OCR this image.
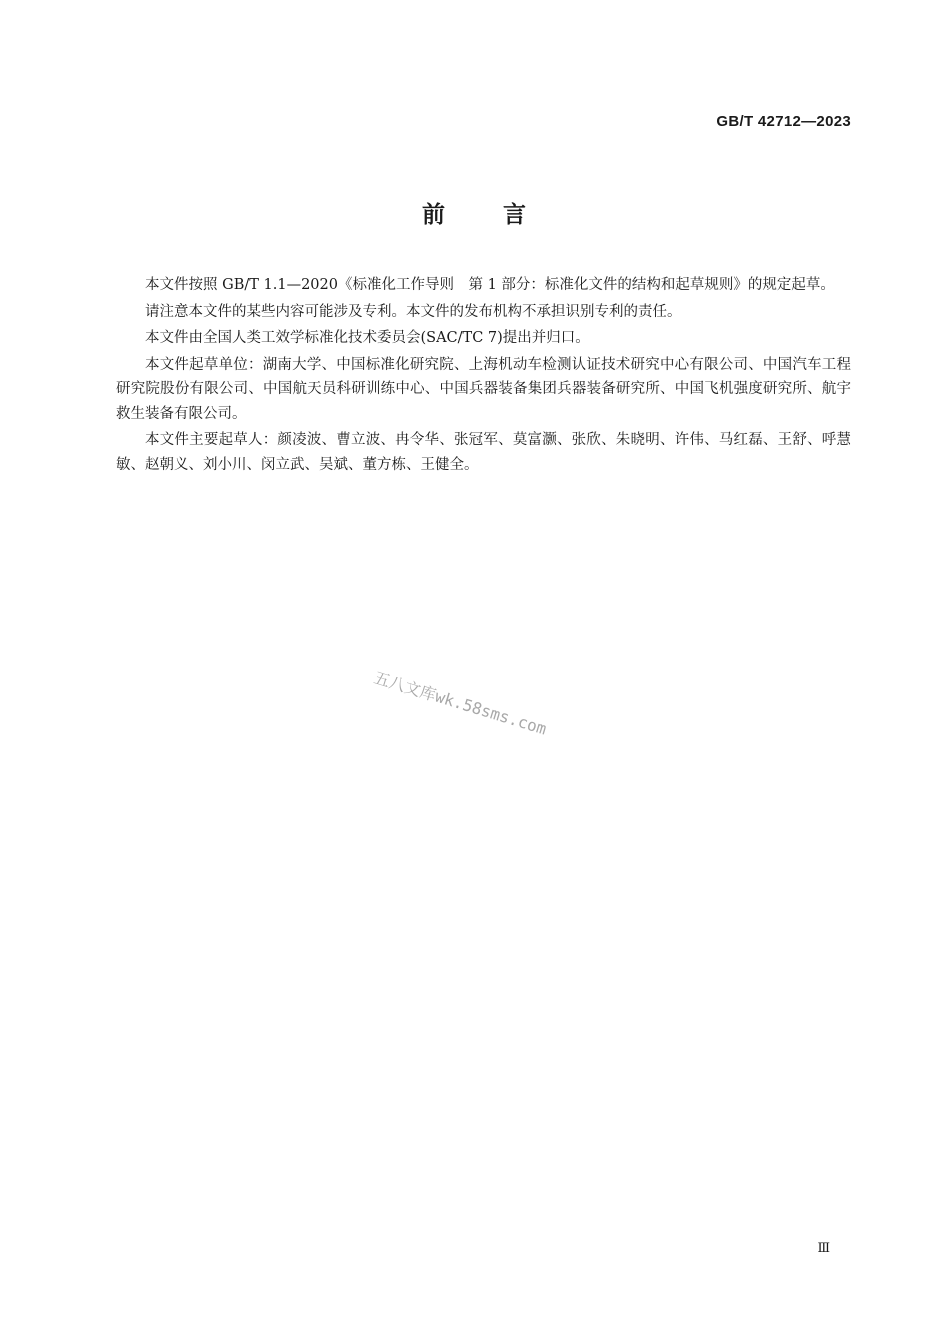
GB/T 42712—2023
前 言

本文件按照 GB/T 1.1—2020《标准化工作导则　第 1 部分：标准化文件的结构和起草规则》的规定起草。

请注意本文件的某些内容可能涉及专利。本文件的发布机构不承担识别专利的责任。

本文件由全国人类工效学标准化技术委员会(SAC/TC 7)提出并归口。

本文件起草单位：湖南大学、中国标准化研究院、上海机动车检测认证技术研究中心有限公司、中国汽车工程研究院股份有限公司、中国航天员科研训练中心、中国兵器装备集团兵器装备研究所、中国飞机强度研究所、航宇救生装备有限公司。

本文件主要起草人：颜凌波、曹立波、冉令华、张冠军、莫富灏、张欣、朱晓明、许伟、马红磊、王舒、呼慧敏、赵朝义、刘小川、闵立武、吴斌、董方栋、王健全。

五八文库wk.58sms.com
Ⅲ
